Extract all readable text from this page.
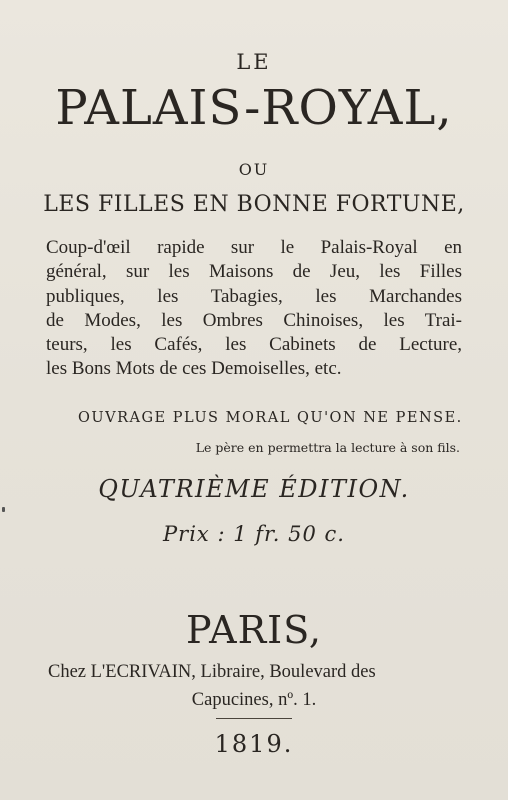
LE
PALAIS-ROYAL,
OU
LES FILLES EN BONNE FORTUNE,

Coup-d'œil rapide sur le Palais-Royal en

général, sur les Maisons de Jeu, les Filles

publiques, les Tabagies, les Marchandes

de Modes, les Ombres Chinoises, les Trai-

teurs, les Cafés, les Cabinets de Lecture,

les Bons Mots de ces Demoiselles, etc.

OUVRAGE PLUS MORAL QU'ON NE PENSE.
Le père en permettra la lecture à son fils.
QUATRIÈME ÉDITION.
Prix : 1 fr. 50 c.
PARIS,
Chez L'ECRIVAIN, Libraire, Boulevard des
Capucines, nº. 1.
1819.
